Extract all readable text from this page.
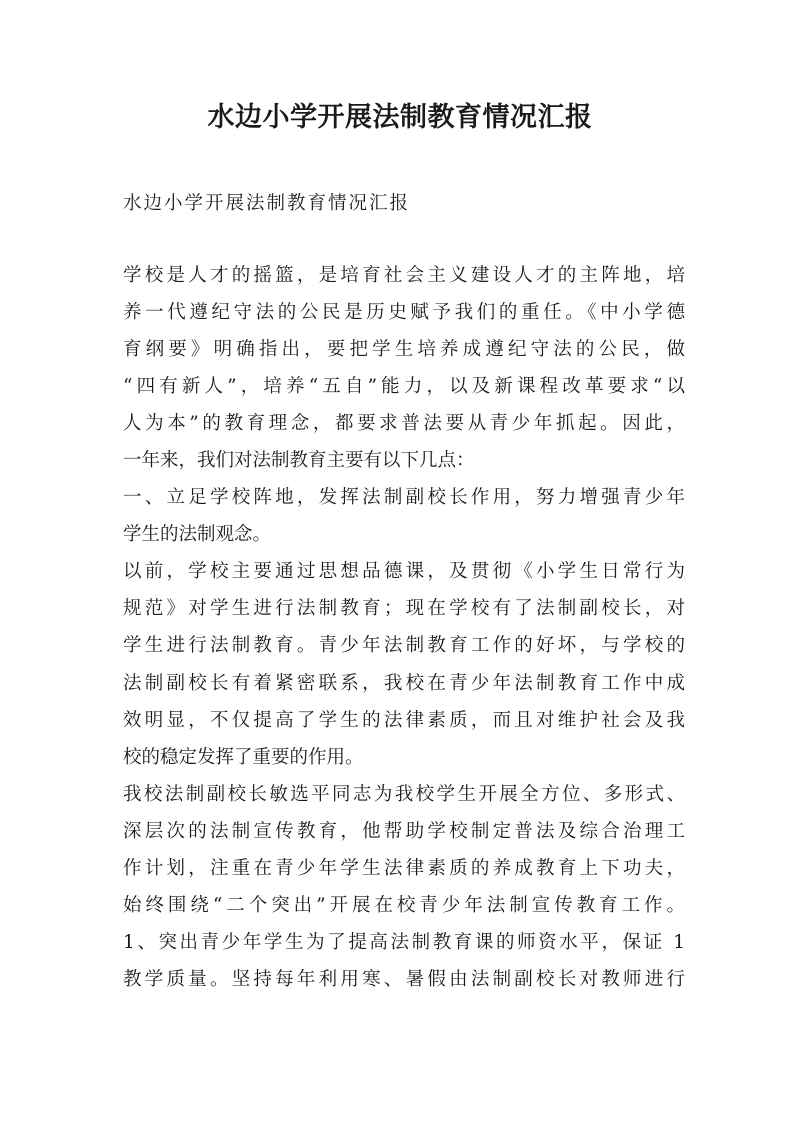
水边小学开展法制教育情况汇报

水边小学开展法制教育情况汇报

学校是人才的摇篮，是培育社会主义建设人才的主阵地，培
养一代遵纪守法的公民是历史赋予我们的重任。《中小学德
育纲要》明确指出，要把学生培养成遵纪守法的公民，做
“四有新人”，培养“五自”能力，以及新课程改革要求“以
人为本”的教育理念，都要求普法要从青少年抓起。因此，
一年来，我们对法制教育主要有以下几点：
一、立足学校阵地，发挥法制副校长作用，努力增强青少年
学生的法制观念。
以前，学校主要通过思想品德课，及贯彻《小学生日常行为
规范》对学生进行法制教育；现在学校有了法制副校长，对
学生进行法制教育。青少年法制教育工作的好坏，与学校的
法制副校长有着紧密联系，我校在青少年法制教育工作中成
效明显，不仅提高了学生的法律素质，而且对维护社会及我
校的稳定发挥了重要的作用。
我校法制副校长敏选平同志为我校学生开展全方位、多形式、
深层次的法制宣传教育，他帮助学校制定普法及综合治理工
作计划，注重在青少年学生法律素质的养成教育上下功夫，
始终围绕“二个突出”开展在校青少年法制宣传教育工作。
1、突出青少年学生为了提高法制教育课的师资水平，保证 1
教学质量。坚持每年利用寒、暑假由法制副校长对教师进行
